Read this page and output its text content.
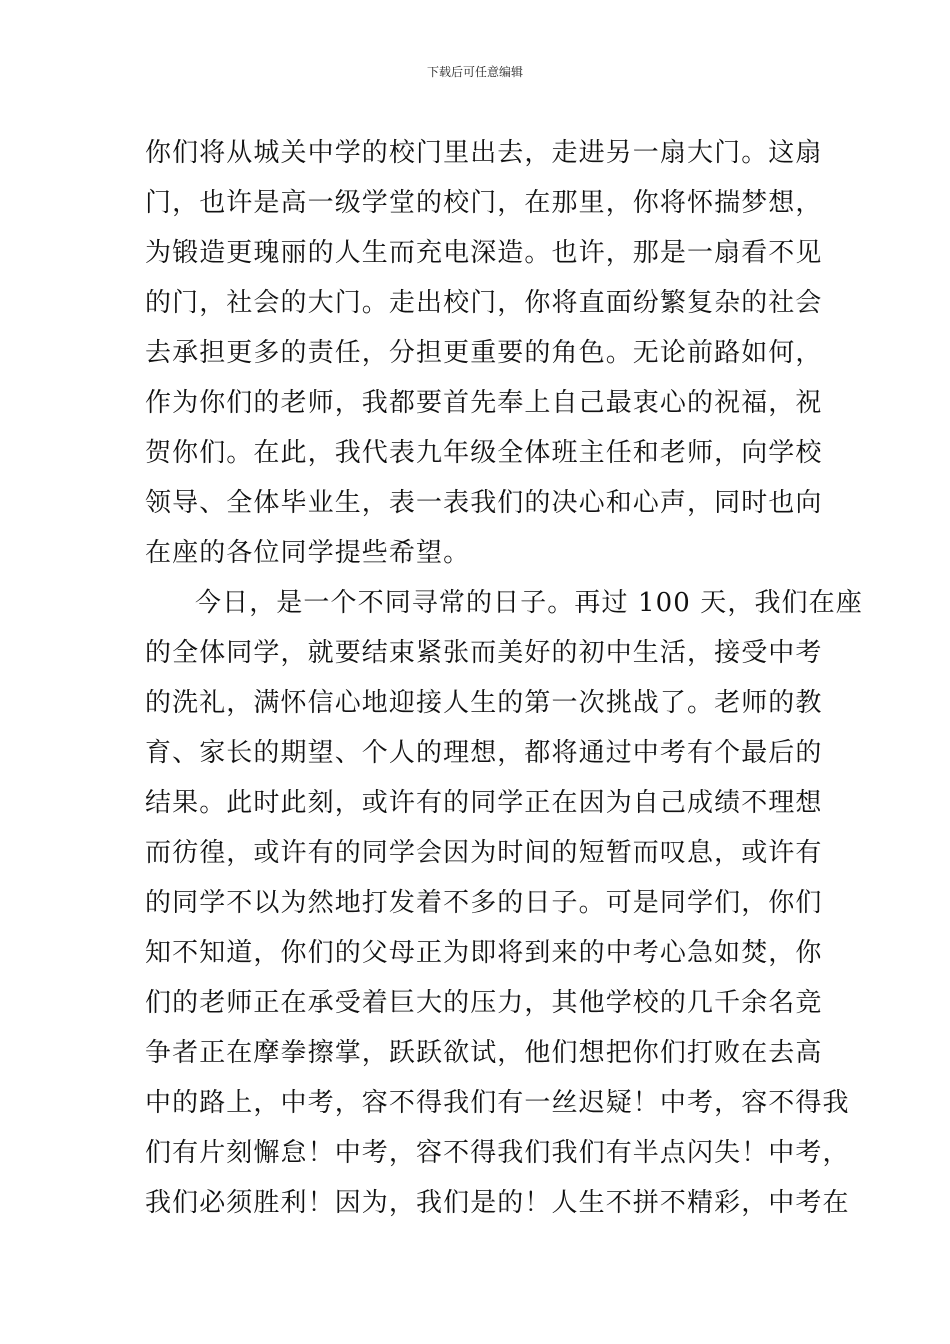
下载后可任意编辑
你们将从城关中学的校门里出去，走进另一扇大门。这扇
门，也许是高一级学堂的校门，在那里，你将怀揣梦想，
为锻造更瑰丽的人生而充电深造。也许，那是一扇看不见
的门，社会的大门。走出校门，你将直面纷繁复杂的社会
去承担更多的责任，分担更重要的角色。无论前路如何，
作为你们的老师，我都要首先奉上自己最衷心的祝福，祝
贺你们。在此，我代表九年级全体班主任和老师，向学校
领导、全体毕业生，表一表我们的决心和心声，同时也向
在座的各位同学提些希望。
今日，是一个不同寻常的日子。再过 100 天，我们在座
的全体同学，就要结束紧张而美好的初中生活，接受中考
的洗礼，满怀信心地迎接人生的第一次挑战了。老师的教
育、家长的期望、个人的理想，都将通过中考有个最后的
结果。此时此刻，或许有的同学正在因为自己成绩不理想
而彷徨，或许有的同学会因为时间的短暂而叹息，或许有
的同学不以为然地打发着不多的日子。可是同学们，你们
知不知道，你们的父母正为即将到来的中考心急如焚，你
们的老师正在承受着巨大的压力，其他学校的几千余名竞
争者正在摩拳擦掌，跃跃欲试，他们想把你们打败在去高
中的路上，中考，容不得我们有一丝迟疑！中考，容不得我
们有片刻懈怠！中考，容不得我们我们有半点闪失！中考，
我们必须胜利！因为，我们是的！人生不拼不精彩，中考在
